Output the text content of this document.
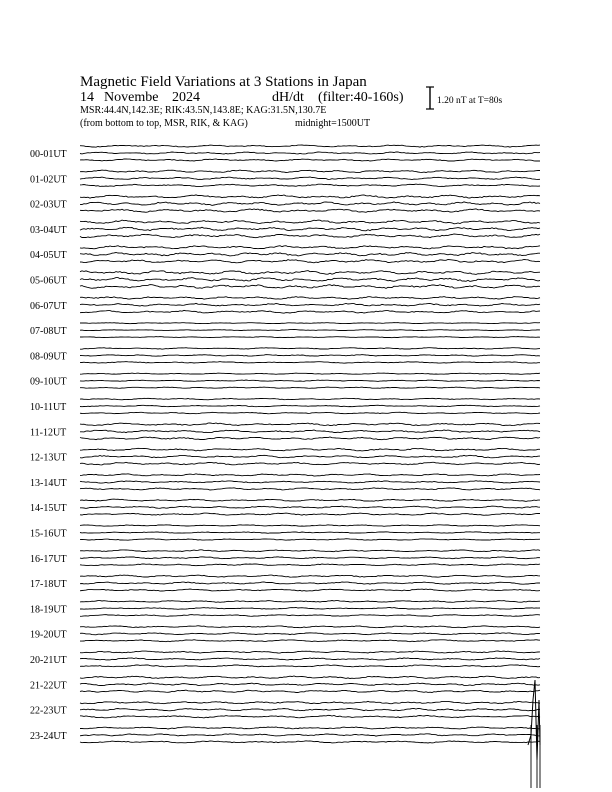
Magnetic Field Variations at 3 Stations in Japan
14 Novembe 2024	dH/dt (filter:40-160s)
MSR:44.4N,142.3E; RIK:43.5N,143.8E; KAG:31.5N,130.7E
(from bottom to top, MSR, RIK, & KAG)	midnight=1500UT
1.20 nT at T=80s
00-01UT
01-02UT
02-03UT
03-04UT
04-05UT
05-06UT
06-07UT
07-08UT
08-09UT
09-10UT
10-11UT
11-12UT
12-13UT
13-14UT
14-15UT
15-16UT
16-17UT
17-18UT
18-19UT
19-20UT
20-21UT
21-22UT
22-23UT
23-24UT
